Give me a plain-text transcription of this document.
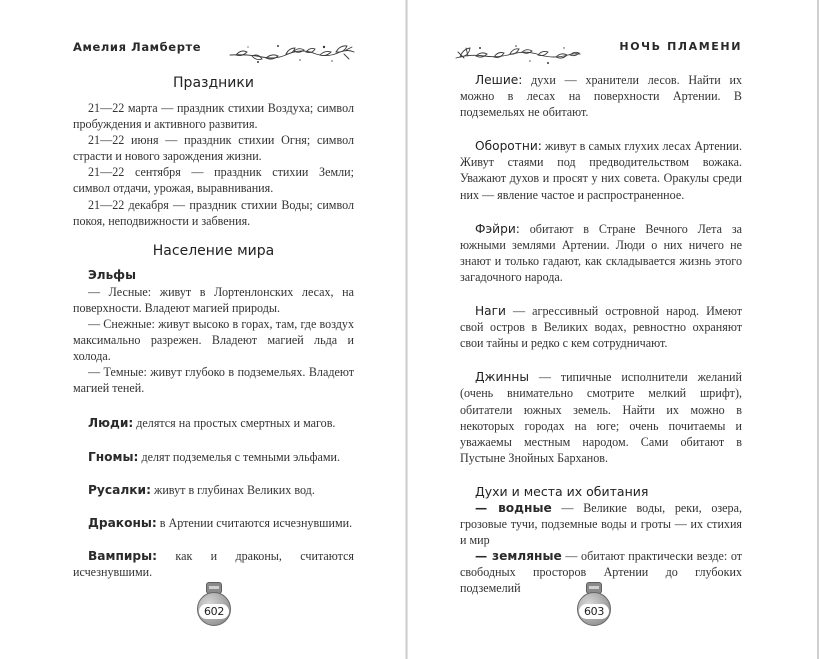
Амелия Ламберте
Праздники

21—22 марта — праздник стихии Воздуха; символ пробуждения и активного развития.

21—22 июня — праздник стихии Огня; символ страсти и нового зарождения жизни.

21—22 сентября — праздник стихии Земли; символ отдачи, урожая, выравнивания.

21—22 декабря — праздник стихии Воды; символ покоя, неподвижности и забвения.

Население мира
Эльфы

— Лесные: живут в Лортенлонских лесах, на поверхности. Владеют магией природы.

— Снежные: живут высоко в горах, там, где воздух максимально разрежен. Владеют магией льда и холода.

— Темные: живут глубоко в подземельях. Владеют магией теней.

Люди: делятся на простых смертных и магов.

Гномы: делят подземелья с темными эльфами.

Русалки: живут в глубинах Великих вод.

Драконы: в Артении считаются исчезнувшими.

Вампиры: как и драконы, считаются исчезнувшими.

602
НОЧЬ ПЛАМЕНИ

Лешие: духи — хранители лесов. Найти их можно в лесах на поверхности Артении. В подземельях не обитают.

Оборотни: живут в самых глухих лесах Артении. Живут стаями под предводительством вожака. Уважают духов и просят у них совета. Оракулы среди них — явление частое и распространенное.

Фэйри: обитают в Стране Вечного Лета за южными землями Артении. Люди о них ничего не знают и только гадают, как складывается жизнь этого загадочного народа.

Наги — агрессивный островной народ. Имеют свой остров в Великих водах, ревностно охраняют свои тайны и редко с кем сотрудничают.

Джинны — типичные исполнители желаний (очень внимательно смотрите мелкий шрифт), обитатели южных земель. Найти их можно в некоторых городах на юге; очень почитаемы и уважаемы местным народом. Сами обитают в Пустыне Знойных Барханов.

Духи и места их обитания

— водные — Великие воды, реки, озера, грозовые тучи, подземные воды и гроты — их стихия и мир

— земляные — обитают практически везде: от свободных просторов Артении до глубоких подземелий

603
